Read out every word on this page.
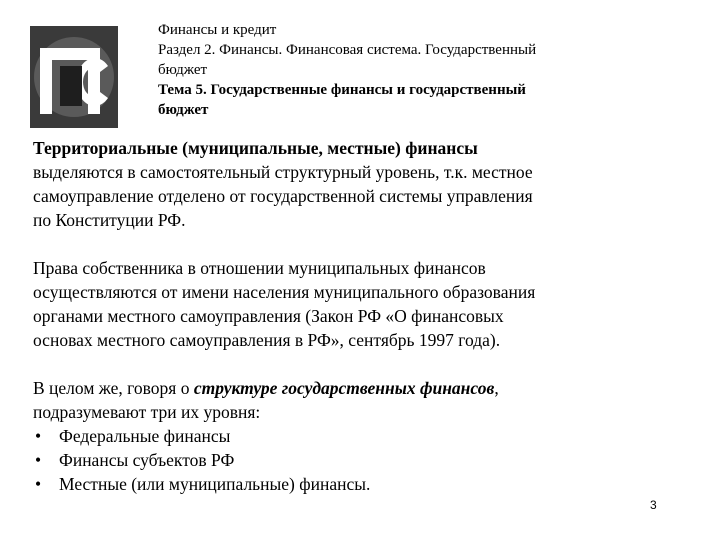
Финансы и кредит
Раздел 2. Финансы. Финансовая система. Государственный
бюджет
Тема 5. Государственные финансы и государственный
бюджет

Территориальные (муниципальные, местные) финансы
выделяются в самостоятельный структурный уровень, т.к. местное
самоуправление отделено от государственной системы управления
по Конституции РФ.

Права собственника в отношении муниципальных финансов
осуществляются от имени населения муниципального образования
органами местного самоуправления (Закон РФ «О финансовых
основах местного самоуправления в РФ», сентябрь 1997 года).

В целом же, говоря о структуре государственных финансов,
подразумевают три их уровня:

• Федеральные финансы
• Финансы субъектов РФ
• Местные (или муниципальные) финансы.
3
